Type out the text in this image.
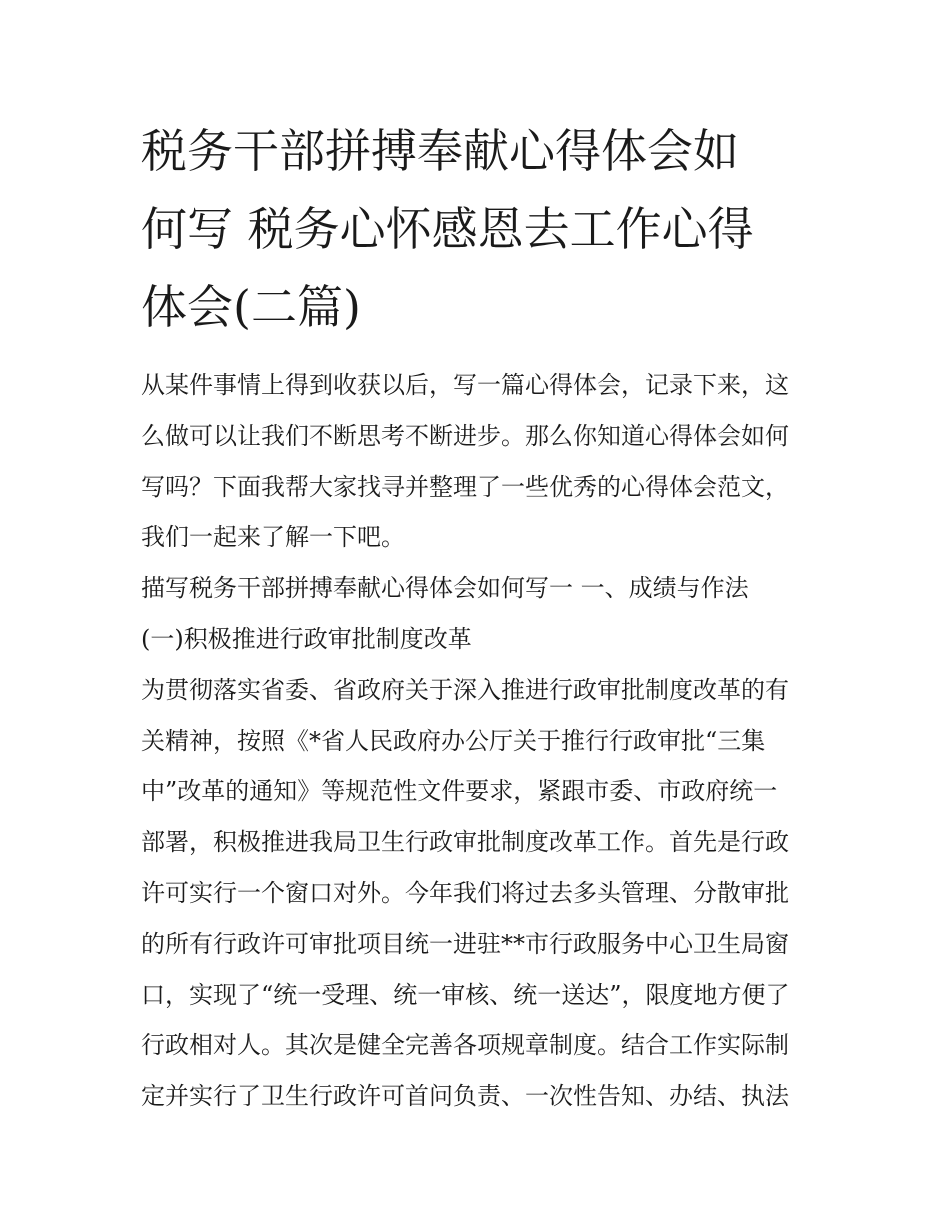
税务干部拼搏奉献心得体会如
何写 税务心怀感恩去工作心得
体会(二篇)
从某件事情上得到收获以后，写一篇心得体会，记录下来，这
么做可以让我们不断思考不断进步。那么你知道心得体会如何
写吗？下面我帮大家找寻并整理了一些优秀的心得体会范文，
我们一起来了解一下吧。
描写税务干部拼搏奉献心得体会如何写一 一、成绩与作法
(一)积极推进行政审批制度改革
为贯彻落实省委、省政府关于深入推进行政审批制度改革的有
关精神，按照《*省人民政府办公厅关于推行行政审批“三集
中”改革的通知》等规范性文件要求，紧跟市委、市政府统一
部署，积极推进我局卫生行政审批制度改革工作。首先是行政
许可实行一个窗口对外。今年我们将过去多头管理、分散审批
的所有行政许可审批项目统一进驻**市行政服务中心卫生局窗
口，实现了“统一受理、统一审核、统一送达”，限度地方便了
行政相对人。其次是健全完善各项规章制度。结合工作实际制
定并实行了卫生行政许可首问负责、一次性告知、办结、执法
